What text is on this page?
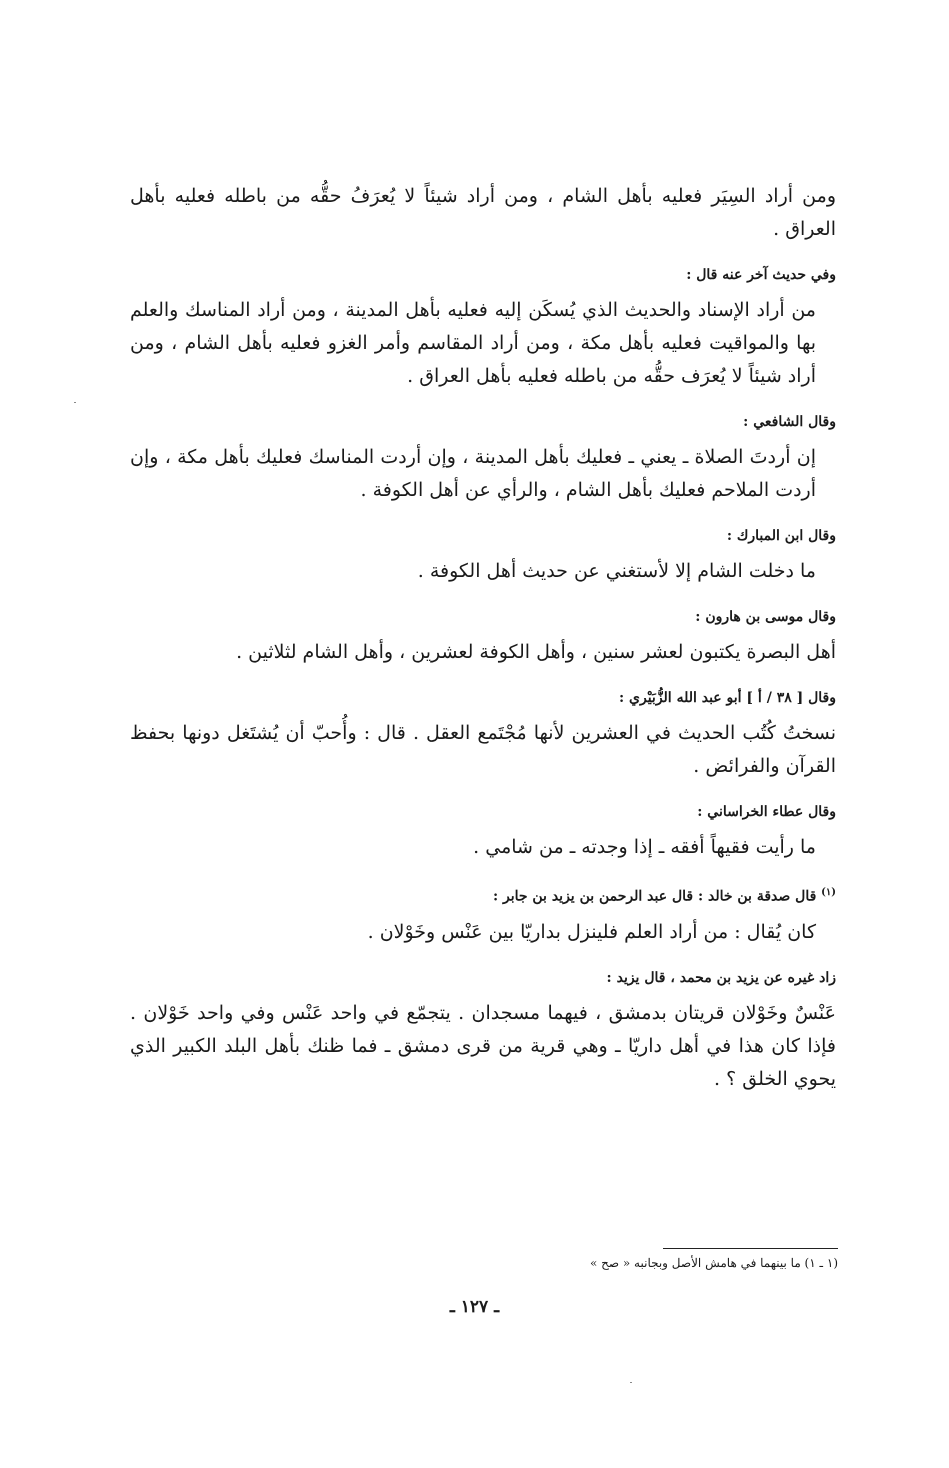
ومن أراد السِيَر فعليه بأهل الشام ، ومن أراد شيئاً لا يُعرَفُ حقُّه من باطله فعليه بأهل العراق .

وفي حديث آخر عنه قال :

من أراد الإسناد والحديث الذي يُسكَن إليه فعليه بأهل المدينة ، ومن أراد المناسك والعلم بها والمواقيت فعليه بأهل مكة ، ومن أراد المقاسم وأمر الغزو فعليه بأهل الشام ، ومن أراد شيئاً لا يُعرَف حقُّه من باطله فعليه بأهل العراق .

وقال الشافعي :

إن أردتَ الصلاة ـ يعني ـ فعليك بأهل المدينة ، وإن أردت المناسك فعليك بأهل مكة ، وإن أردت الملاحم فعليك بأهل الشام ، والرأي عن أهل الكوفة .

وقال ابن المبارك :

ما دخلت الشام إلا لأستغني عن حديث أهل الكوفة .

وقال موسى بن هارون :

أهل البصرة يكتبون لعشر سنين ، وأهل الكوفة لعشرين ، وأهل الشام لثلاثين .

وقال [ ٣٨ / أ ] أبو عبد الله الزُّبَيْري :

نسختُ كُتُب الحديث في العشرين لأنها مُجْتَمع العقل . قال : وأُحبّ أن يُشتَغل دونها بحفظ القرآن والفرائض .

وقال عطاء الخراساني :

ما رأيت فقيهاً أفقه ـ إذا وجدته ـ من شامي .

$^{(١)}$ قال صدقة بن خالد : قال عبد الرحمن بن يزيد بن جابر :

كان يُقال : من أراد العلم فلينزل بداريّا بين عَنْس وخَوْلان .

زاد غيره عن يزيد بن محمد ، قال يزيد :

عَنْسٌ وخَوْلان قريتان بدمشق ، فيهما مسجدان . يتجمّع في واحد عَنْس وفي واحد خَوْلان . فإذا كان هذا في أهل داريّا ـ وهي قرية من قرى دمشق ـ فما ظنك بأهل البلد الكبير الذي يحوي الخلق ؟ .

(١ ـ ١) ما بينهما في هامش الأصل وبجانبه « صح »
ـ ١٢٧ ـ
